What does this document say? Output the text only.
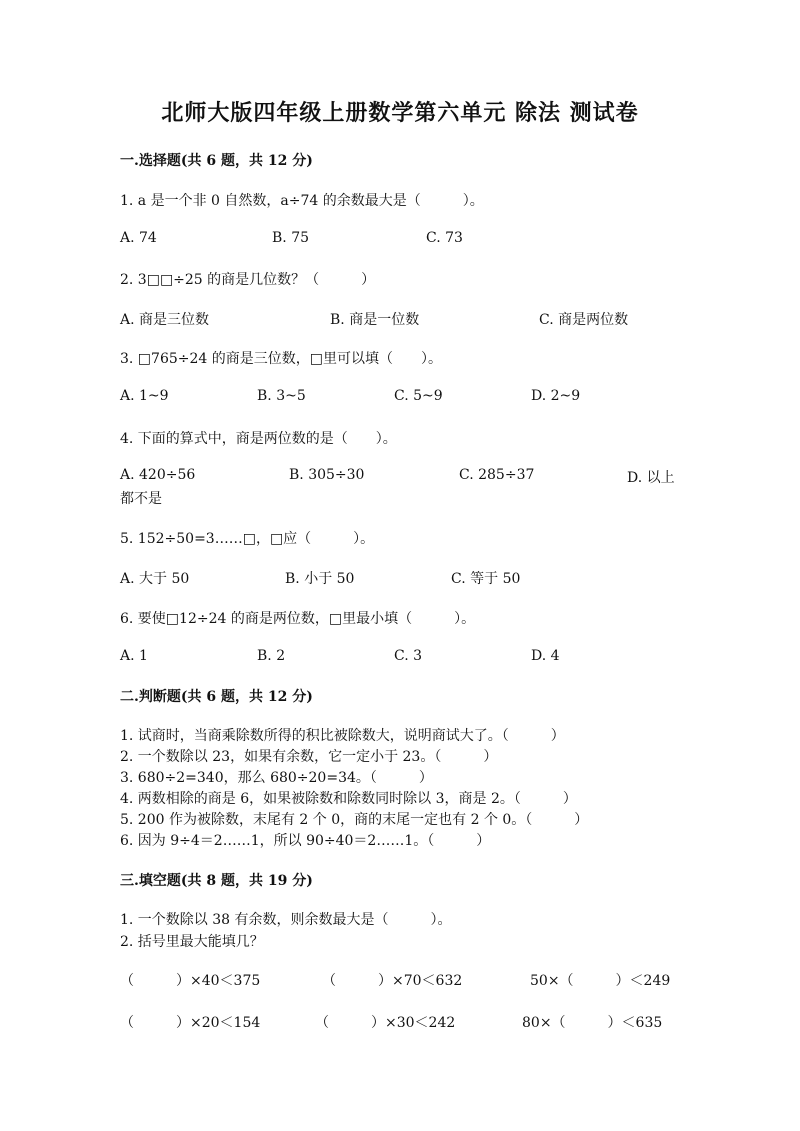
北师大版四年级上册数学第六单元 除法 测试卷
一.选择题(共 6 题，共 12 分)
1. a 是一个非 0 自然数，a÷74 的余数最大是（　　　）。
A. 74	B. 75	C. 73
2. 3□□÷25 的商是几位数？（　　　）
A. 商是三位数	B. 商是一位数	C. 商是两位数
3. □765÷24 的商是三位数，□里可以填（　　）。
A. 1~9	B. 3~5	C. 5~9	D. 2~9
4. 下面的算式中，商是两位数的是（　　）。
A. 420÷56	B. 305÷30	C. 285÷37	D. 以上
都不是
5. 152÷50=3……□，□应（　　　）。
A. 大于 50	B. 小于 50	C. 等于 50
6. 要使□12÷24 的商是两位数，□里最小填（　　　）。
A. 1	B. 2	C. 3	D. 4
二.判断题(共 6 题，共 12 分)
1. 试商时，当商乘除数所得的积比被除数大，说明商试大了。（　　　）
2. 一个数除以 23，如果有余数，它一定小于 23。（　　　）
3. 680÷2=340，那么 680÷20=34。（　　　）
4. 两数相除的商是 6，如果被除数和除数同时除以 3，商是 2。（　　　）
5. 200 作为被除数，末尾有 2 个 0，商的末尾一定也有 2 个 0。（　　　）
6. 因为 9÷4＝2……1，所以 90÷40＝2……1。（　　　）
三.填空题(共 8 题，共 19 分)
1. 一个数除以 38 有余数，则余数最大是（　　　）。
2. 括号里最大能填几？
（　　　）×40＜375	（　　　）×70＜632	50×（　　　）＜249
（　　　）×20＜154	（　　　）×30＜242	80×（　　　）＜635
